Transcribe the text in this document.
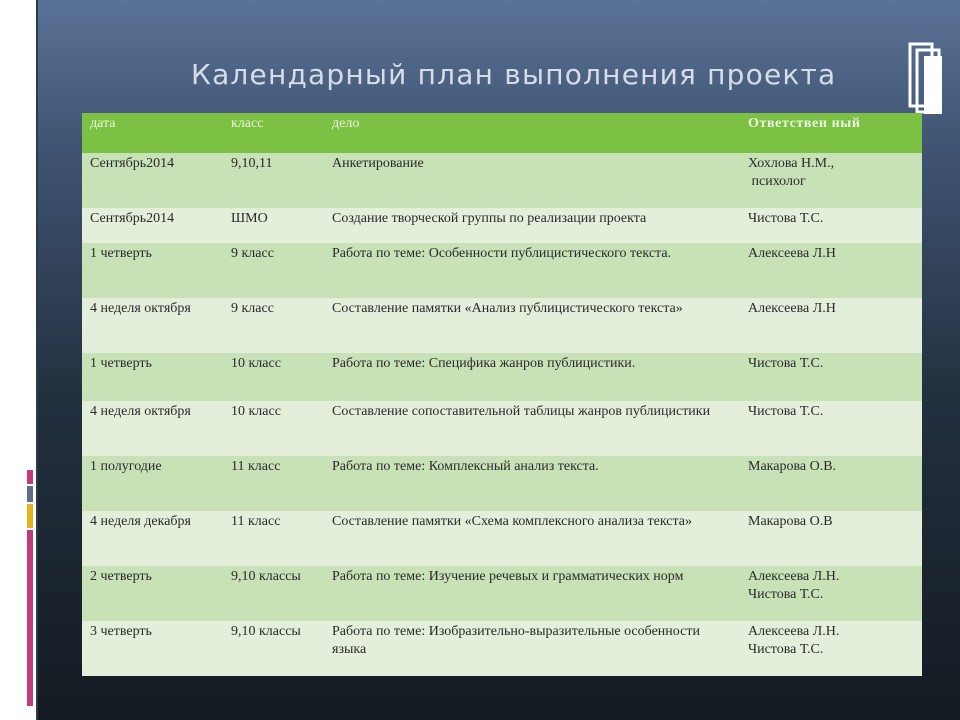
Календарный план выполнения проекта
дата	класс	дело	Ответствен ный
Сентябрь2014	9,10,11	Анкетирование	Хохлова Н.М.,
психолог

Сентябрь2014	ШМО	Создание творческой группы по реализации проекта	Чистова Т.С.

1 четверть	9 класс	Работа по теме: Особенности публицистического текста.	Алексеева Л.Н

4 неделя октября	9 класс	Составление памятки «Анализ публицистического текста»	Алексеева Л.Н

1 четверть	10 класс	Работа по теме: Специфика жанров публицистики.	Чистова Т.С.

4 неделя октября	10 класс	Составление сопоставительной таблицы жанров публицистики	Чистова Т.С.

1 полугодие	11 класс	Работа по теме: Комплексный анализ текста.	Макарова О.В.

4 неделя декабря	11 класс	Составление памятки «Схема комплексного анализа текста»	Макарова О.В

2 четверть	9,10 классы	Работа по теме: Изучение речевых и грамматических норм	Алексеева Л.Н.
Чистова Т.С.

3 четверть	9,10 классы	Работа по теме: Изобразительно-выразительные особенности языка	Алексеева Л.Н.
Чистова Т.С.
